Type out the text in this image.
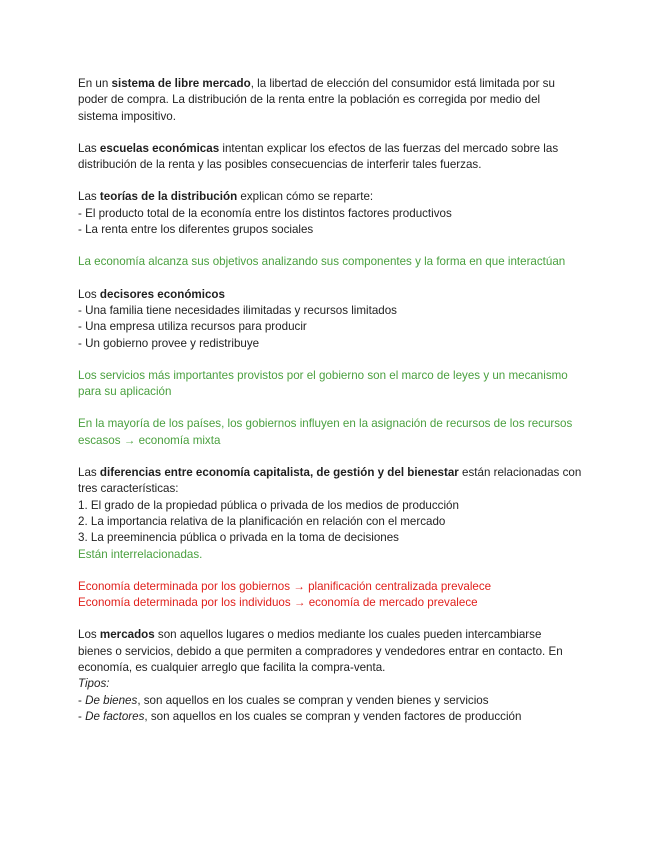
En un sistema de libre mercado, la libertad de elección del consumidor está limitada por su
poder de compra. La distribución de la renta entre la población es corregida por medio del
sistema impositivo.
Las escuelas económicas intentan explicar los efectos de las fuerzas del mercado sobre las
distribución de la renta y las posibles consecuencias de interferir tales fuerzas.
Las teorías de la distribución explican cómo se reparte:
- El producto total de la economía entre los distintos factores productivos
- La renta entre los diferentes grupos sociales
La economía alcanza sus objetivos analizando sus componentes y la forma en que interactúan
Los decisores económicos
- Una familia tiene necesidades ilimitadas y recursos limitados
- Una empresa utiliza recursos para producir
- Un gobierno provee y redistribuye
Los servicios más importantes provistos por el gobierno son el marco de leyes y un mecanismo
para su aplicación
En la mayoría de los países, los gobiernos influyen en la asignación de recursos de los recursos
escasos → economía mixta
Las diferencias entre economía capitalista, de gestión y del bienestar están relacionadas con
tres características:
1. El grado de la propiedad pública o privada de los medios de producción
2. La importancia relativa de la planificación en relación con el mercado
3. La preeminencia pública o privada en la toma de decisiones
Están interrelacionadas.
Economía determinada por los gobiernos → planificación centralizada prevalece
Economía determinada por los individuos → economía de mercado prevalece
Los mercados son aquellos lugares o medios mediante los cuales pueden intercambiarse
bienes o servicios, debido a que permiten a compradores y vendedores entrar en contacto. En
economía, es cualquier arreglo que facilita la compra-venta.
Tipos:
- De bienes, son aquellos en los cuales se compran y venden bienes y servicios
- De factores, son aquellos en los cuales se compran y venden factores de producción
